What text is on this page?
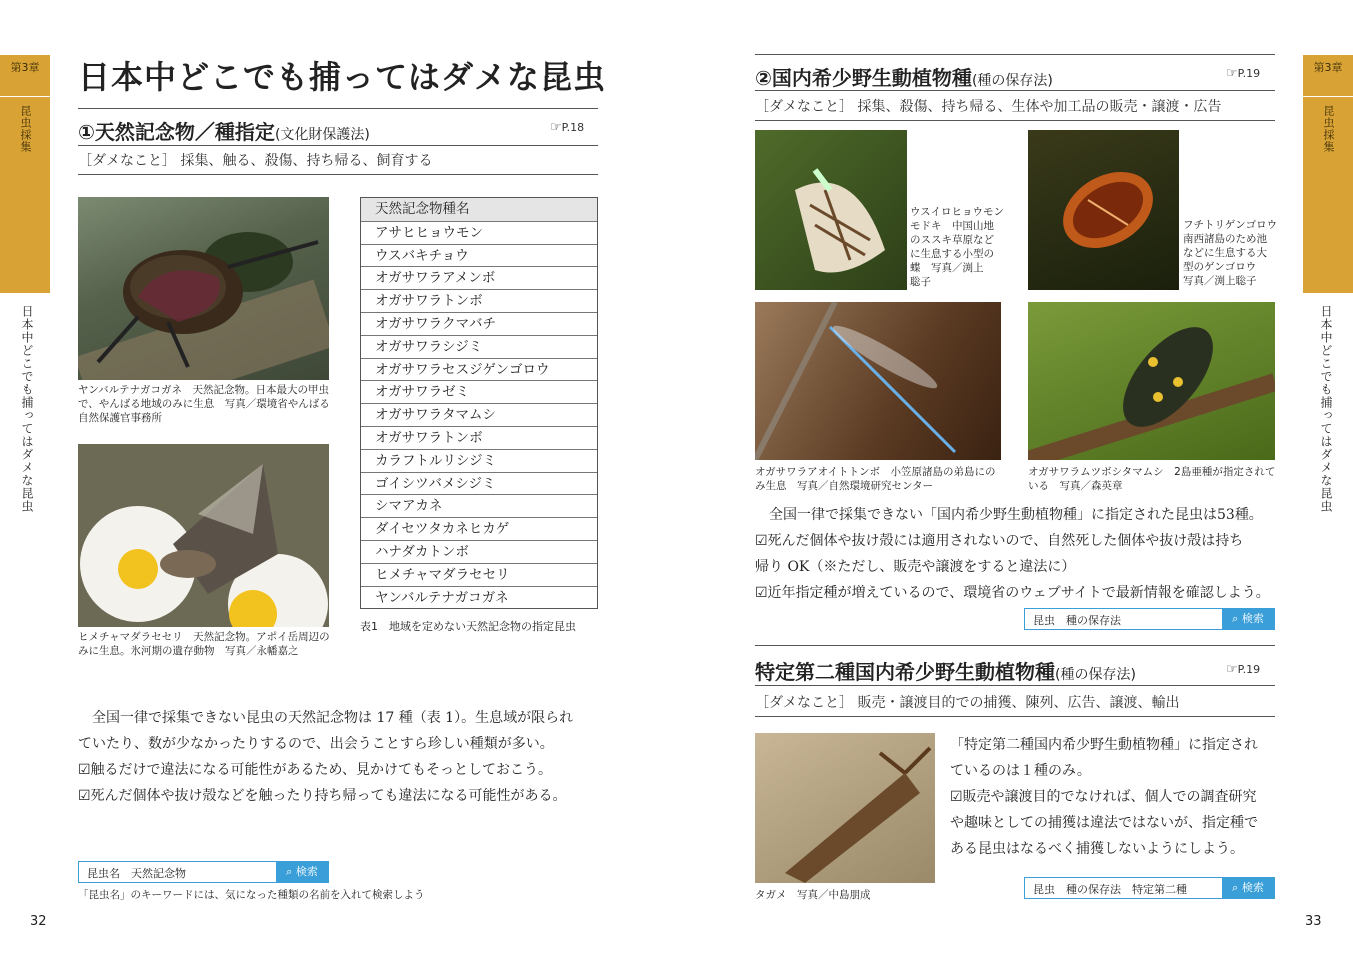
第3章
昆虫採集
日本中どこでも捕ってはダメな昆虫
日本中どこでも捕ってはダメな昆虫
①天然記念物／種指定(文化財保護法)	☞P.18
［ダメなこと］ 採集、触る、殺傷、持ち帰る、飼育する
ヤンバルテナガコガネ　天然記念物。日本最大の甲虫で、やんばる地域のみに生息　写真／環境省やんばる自然保護官事務所
ヒメチャマダラセセリ　天然記念物。アポイ岳周辺のみに生息。氷河期の遺存動物　写真／永幡嘉之
天然記念物種名
アサヒヒョウモン
ウスバキチョウ
オガサワラアメンボ
オガサワラトンボ
オガサワラクマバチ
オガサワラシジミ
オガサワラセスジゲンゴロウ
オガサワラゼミ
オガサワラタマムシ
オガサワラトンボ
カラフトルリシジミ
ゴイシツバメシジミ
シマアカネ
ダイセツタカネヒカゲ
ハナダカトンボ
ヒメチャマダラセセリ
ヤンバルテナガコガネ
表1　地域を定めない天然記念物の指定昆虫
全国一律で採集できない昆虫の天然記念物は 17 種（表 1）。生息域が限られ
ていたり、数が少なかったりするので、出会うことすら珍しい種類が多い。
☑触るだけで違法になる可能性があるため、見かけてもそっとしておこう。
☑死んだ個体や抜け殻などを触ったり持ち帰っても違法になる可能性がある。
昆虫名　天然記念物	⌕ 検索
「昆虫名」のキーワードには、気になった種類の名前を入れて検索しよう
32
第3章
昆虫採集
日本中どこでも捕ってはダメな昆虫
②国内希少野生動植物種(種の保存法)	☞P.19
［ダメなこと］ 採集、殺傷、持ち帰る、生体や加工品の販売・譲渡・広告
ウスイロヒョウモン
モドキ　中国山地
のススキ草原など
に生息する小型の
蝶　写真／渕上
聡子
フチトリゲンゴロウ
南西諸島のため池
などに生息する大
型のゲンゴロウ
写真／渕上聡子
オガサワラアオイトトンボ　小笠原諸島の弟島にのみ生息　写真／自然環境研究センター
オガサワラムツボシタマムシ　2島亜種が指定されている　写真／森英章
全国一律で採集できない「国内希少野生動植物種」に指定された昆虫は53種。
☑死んだ個体や抜け殻には適用されないので、自然死した個体や抜け殻は持ち
帰り OK（※ただし、販売や譲渡をすると違法に）
☑近年指定種が増えているので、環境省のウェブサイトで最新情報を確認しよう。
昆虫　種の保存法	⌕ 検索
特定第二種国内希少野生動植物種(種の保存法)	☞P.19
［ダメなこと］ 販売・譲渡目的での捕獲、陳列、広告、譲渡、輸出
タガメ　写真／中島朋成
「特定第二種国内希少野生動植物種」に指定され
ているのは１種のみ。
☑販売や譲渡目的でなければ、個人での調査研究
や趣味としての捕獲は違法ではないが、指定種で
ある昆虫はなるべく捕獲しないようにしよう。
昆虫　種の保存法　特定第二種	⌕ 検索
33
